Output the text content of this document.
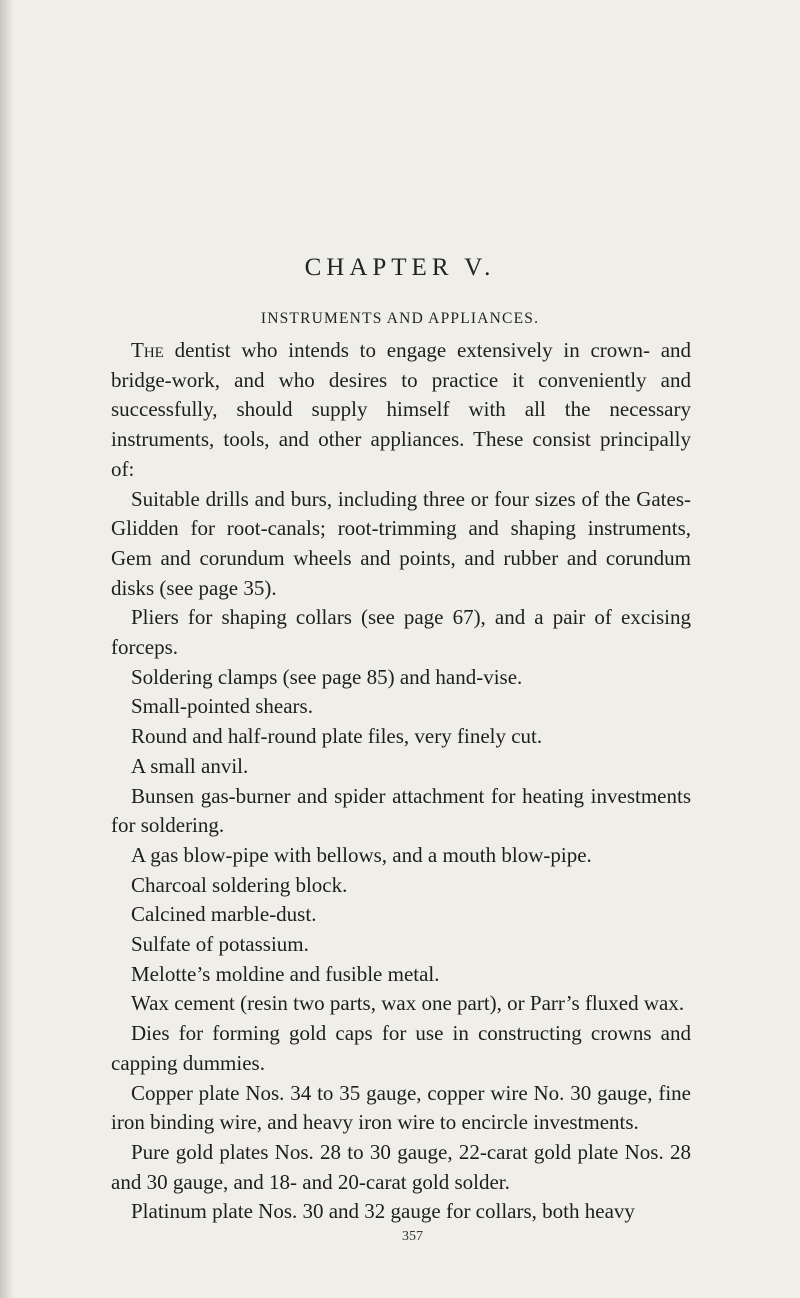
CHAPTER V.
INSTRUMENTS AND APPLIANCES.

The dentist who intends to engage extensively in crown- and bridge-work, and who desires to practice it conveniently and successfully, should supply himself with all the necessary instruments, tools, and other appliances. These consist principally of:

Suitable drills and burs, including three or four sizes of the Gates-Glidden for root-canals; root-trimming and shaping instruments, Gem and corundum wheels and points, and rubber and corundum disks (see page 35).

Pliers for shaping collars (see page 67), and a pair of excising forceps.

Soldering clamps (see page 85) and hand-vise.

Small-pointed shears.

Round and half-round plate files, very finely cut.

A small anvil.

Bunsen gas-burner and spider attachment for heating investments for soldering.

A gas blow-pipe with bellows, and a mouth blow-pipe.

Charcoal soldering block.

Calcined marble-dust.

Sulfate of potassium.

Melotte’s moldine and fusible metal.

Wax cement (resin two parts, wax one part), or Parr’s fluxed wax.

Dies for forming gold caps for use in constructing crowns and capping dummies.

Copper plate Nos. 34 to 35 gauge, copper wire No. 30 gauge, fine iron binding wire, and heavy iron wire to encircle investments.

Pure gold plates Nos. 28 to 30 gauge, 22-carat gold plate Nos. 28 and 30 gauge, and 18- and 20-carat gold solder.

Platinum plate Nos. 30 and 32 gauge for collars, both heavy

357
